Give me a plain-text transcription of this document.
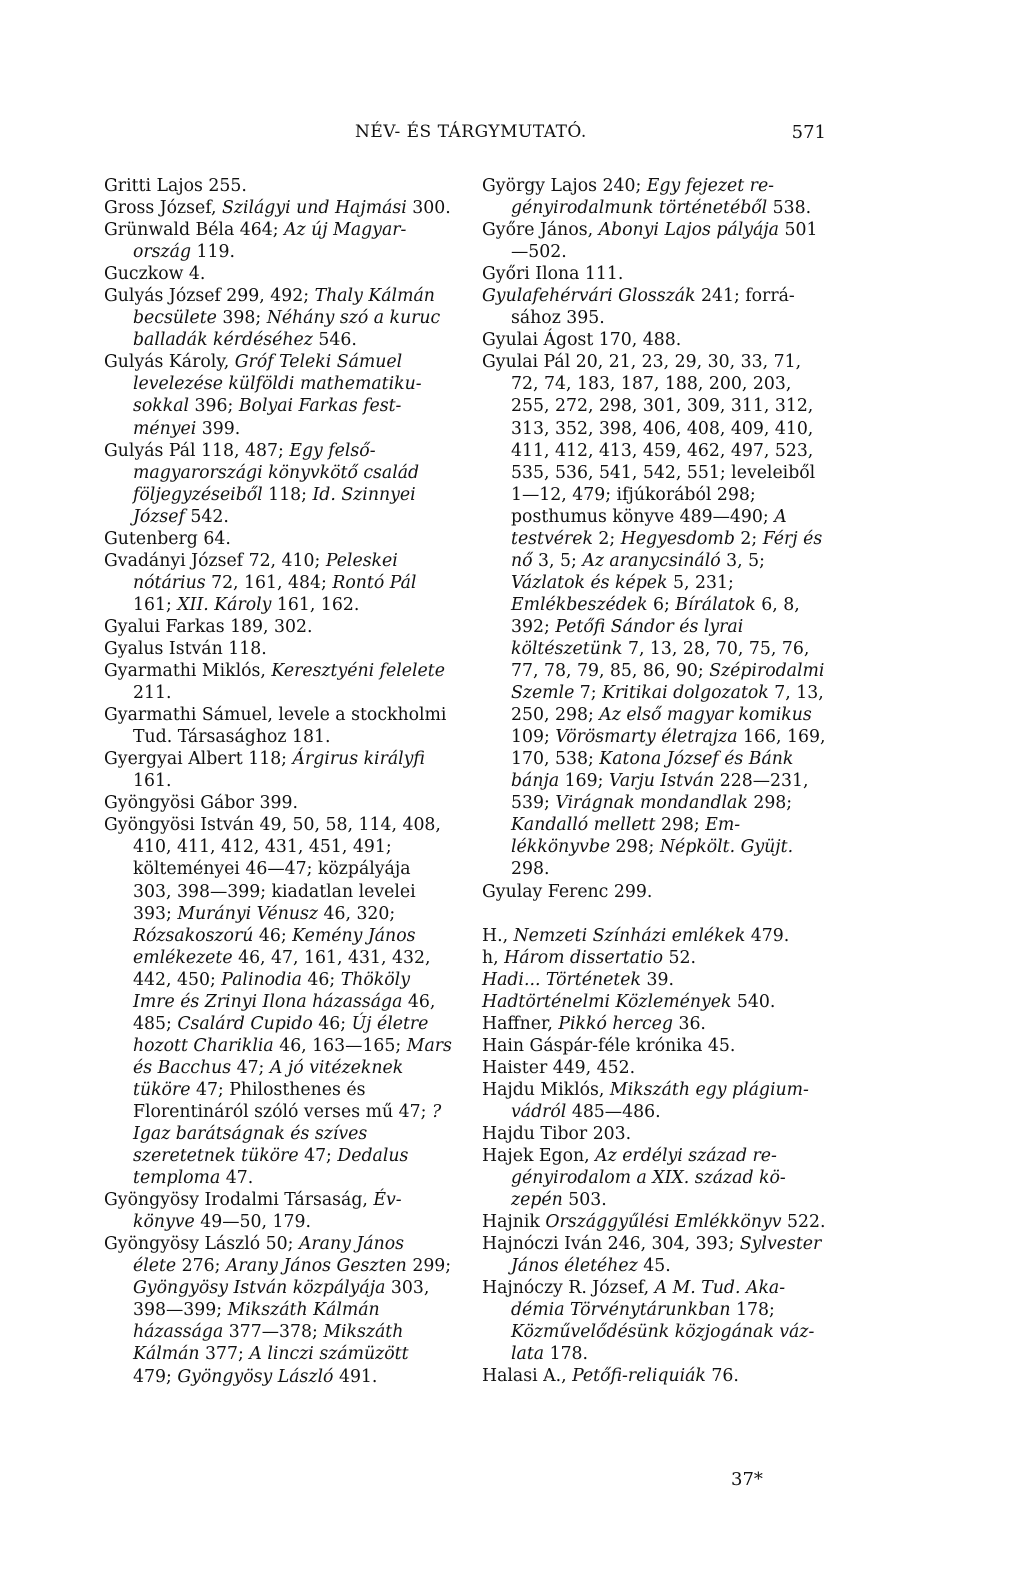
NÉV- ÉS TÁRGYMUTATÓ.	571

Gritti Lajos 255.

Gross József, Szilágyi und Hajmási 300.

Grünwald Béla 464; Az új Magyarország 119.

Guczkow 4.

Gulyás József 299, 492; Thaly Kálmán becsülete 398; Néhány szó a kuruc balladák kérdéséhez 546.

Gulyás Károly, Gróf Teleki Sámuel levelezése külföldi mathematikusokkal 396; Bolyai Farkas festményei 399.

Gulyás Pál 118, 487; Egy felsőmagyarországi könyvkötő család följegyzéseiből 118; Id. Szinnyei József 542.

Gutenberg 64.

Gvadányi József 72, 410; Peleskei nótárius 72, 161, 484; Rontó Pál 161; XII. Károly 161, 162.

Gyalui Farkas 189, 302.

Gyalus István 118.

Gyarmathi Miklós, Keresztyéni felelete 211.

Gyarmathi Sámuel, levele a stockholmi Tud. Társasághoz 181.

Gyergyai Albert 118; Árgirus királyfi 161.

Gyöngyösi Gábor 399.

Gyöngyösi István 49, 50, 58, 114, 408, 410, 411, 412, 431, 451, 491; költeményei 46—47; közpályája 303, 398—399; kiadatlan levelei 393; Murányi Vénusz 46, 320; Rózsakoszorú 46; Kemény János emlékezete 46, 47, 161, 431, 432, 442, 450; Palinodia 46; Thököly Imre és Zrinyi Ilona házassága 46, 485; Csalárd Cupido 46; Új életre hozott Chariklia 46, 163—165; Mars és Bacchus 47; A jó vitézeknek tüköre 47; Philosthenes és Florentináról szóló verses mű 47; ? Igaz barátságnak és szíves szeretetnek tüköre 47; Dedalus temploma 47.

Gyöngyösy Irodalmi Társaság, Évkönyve 49—50, 179.

Gyöngyösy László 50; Arany János élete 276; Arany János Geszten 299; Gyöngyösy István közpályája 303, 398—399; Mikszáth Kálmán házassága 377—378; Mikszáth Kálmán 377; A linczi számüzött 479; Gyöngyösy László 491.

György Lajos 240; Egy fejezet regényirodalmunk történetéből 538.

Győre János, Abonyi Lajos pályája 501—502.

Győri Ilona 111.

Gyulafehérvári Glosszák 241; forrásához 395.

Gyulai Ágost 170, 488.

Gyulai Pál 20, 21, 23, 29, 30, 33, 71, 72, 74, 183, 187, 188, 200, 203, 255, 272, 298, 301, 309, 311, 312, 313, 352, 398, 406, 408, 409, 410, 411, 412, 413, 459, 462, 497, 523, 535, 536, 541, 542, 551; leveleiből 1—12, 479; ifjúkorából 298; posthumus könyve 489—490; A testvérek 2; Hegyesdomb 2; Férj és nő 3, 5; Az aranycsináló 3, 5; Vázlatok és képek 5, 231; Emlékbeszédek 6; Bírálatok 6, 8, 392; Petőfi Sándor és lyrai költészetünk 7, 13, 28, 70, 75, 76, 77, 78, 79, 85, 86, 90; Szépirodalmi Szemle 7; Kritikai dolgozatok 7, 13, 250, 298; Az első magyar komikus 109; Vörösmarty életrajza 166, 169, 170, 538; Katona József és Bánk bánja 169; Varju István 228—231, 539; Virágnak mondandlak 298; Kandalló mellett 298; Emlékkönyvbe 298; Népkölt. Gyüjt. 298.

Gyulay Ferenc 299.

H., Nemzeti Színházi emlékek 479.

h, Három dissertatio 52.

Hadi... Történetek 39.

Hadtörténelmi Közlemények 540.

Haffner, Pikkó herceg 36.

Hain Gáspár-féle krónika 45.

Haister 449, 452.

Hajdu Miklós, Mikszáth egy plágiumvádról 485—486.

Hajdu Tibor 203.

Hajek Egon, Az erdélyi század regényirodalom a XIX. század közepén 503.

Hajnik Országgyűlési Emlékkönyv 522.

Hajnóczi Iván 246, 304, 393; Sylvester János életéhez 45.

Hajnóczy R. József, A M. Tud. Akadémia Törvénytárunkban 178; Közművelődésünk közjogának vázlata 178.

Halasi A., Petőfi-reliquiák 76.

37*
